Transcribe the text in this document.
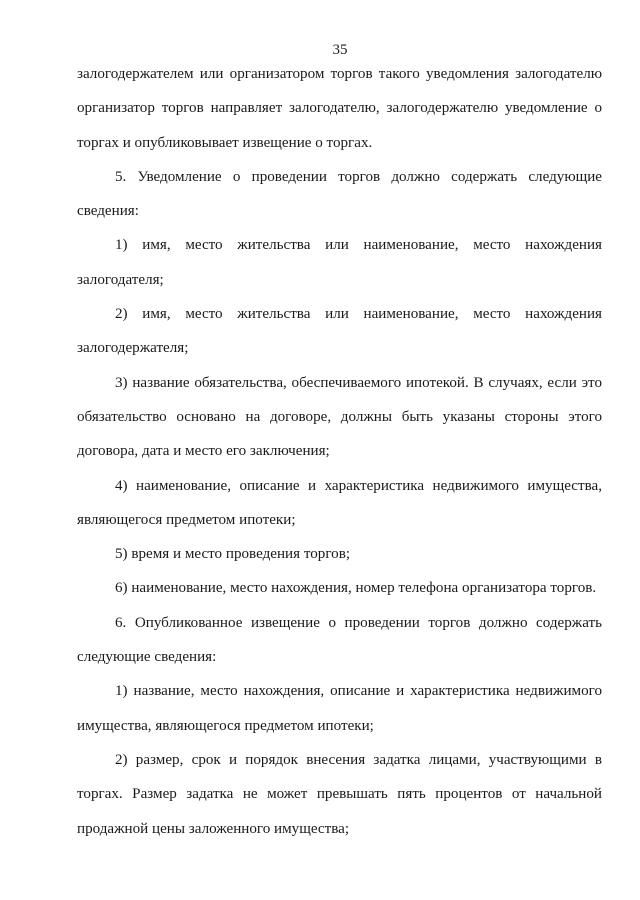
35

залогодержателем или организатором торгов такого уведомления залогодателю организатор торгов направляет залогодателю, залогодержателю уведомление о торгах и опубликовывает извещение о торгах.

5. Уведомление о проведении торгов должно содержать следующие сведения:

1) имя, место жительства или наименование, место нахождения залогодателя;

2) имя, место жительства или наименование, место нахождения залогодержателя;

3) название обязательства, обеспечиваемого ипотекой. В случаях, если это обязательство основано на договоре, должны быть указаны стороны этого договора, дата и место его заключения;

4) наименование, описание и характеристика недвижимого имущества, являющегося предметом ипотеки;

5) время и место проведения торгов;

6) наименование, место нахождения, номер телефона организатора торгов.

6. Опубликованное извещение о проведении торгов должно содержать следующие сведения:

1) название, место нахождения, описание и характеристика недвижимого имущества, являющегося предметом ипотеки;

2) размер, срок и порядок внесения задатка лицами, участвующими в торгах. Размер задатка не может превышать пять процентов от начальной продажной цены заложенного имущества;
